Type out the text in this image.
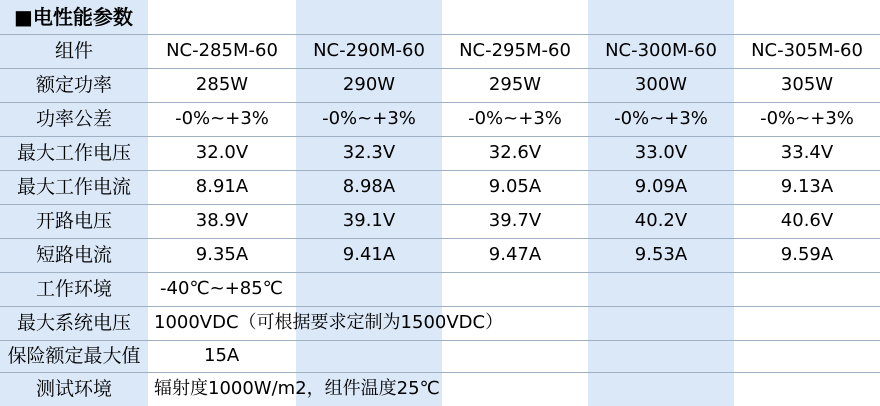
■电性能参数
组件	NC-285M-60	NC-290M-60	NC-295M-60	NC-300M-60	NC-305M-60
额定功率	285W	290W	295W	300W	305W
功率公差	-0%~+3%	-0%~+3%	-0%~+3%	-0%~+3%	-0%~+3%
最大工作电压	32.0V	32.3V	32.6V	33.0V	33.4V
最大工作电流	8.91A	8.98A	9.05A	9.09A	9.13A
开路电压	38.9V	39.1V	39.7V	40.2V	40.6V
短路电流	9.35A	9.41A	9.47A	9.53A	9.59A
工作环境	-40℃~+85℃
最大系统电压	1000VDC（可根据要求定制为1500VDC）
保险额定最大值	15A
测试环境	辐射度1000W/m2，组件温度25℃
